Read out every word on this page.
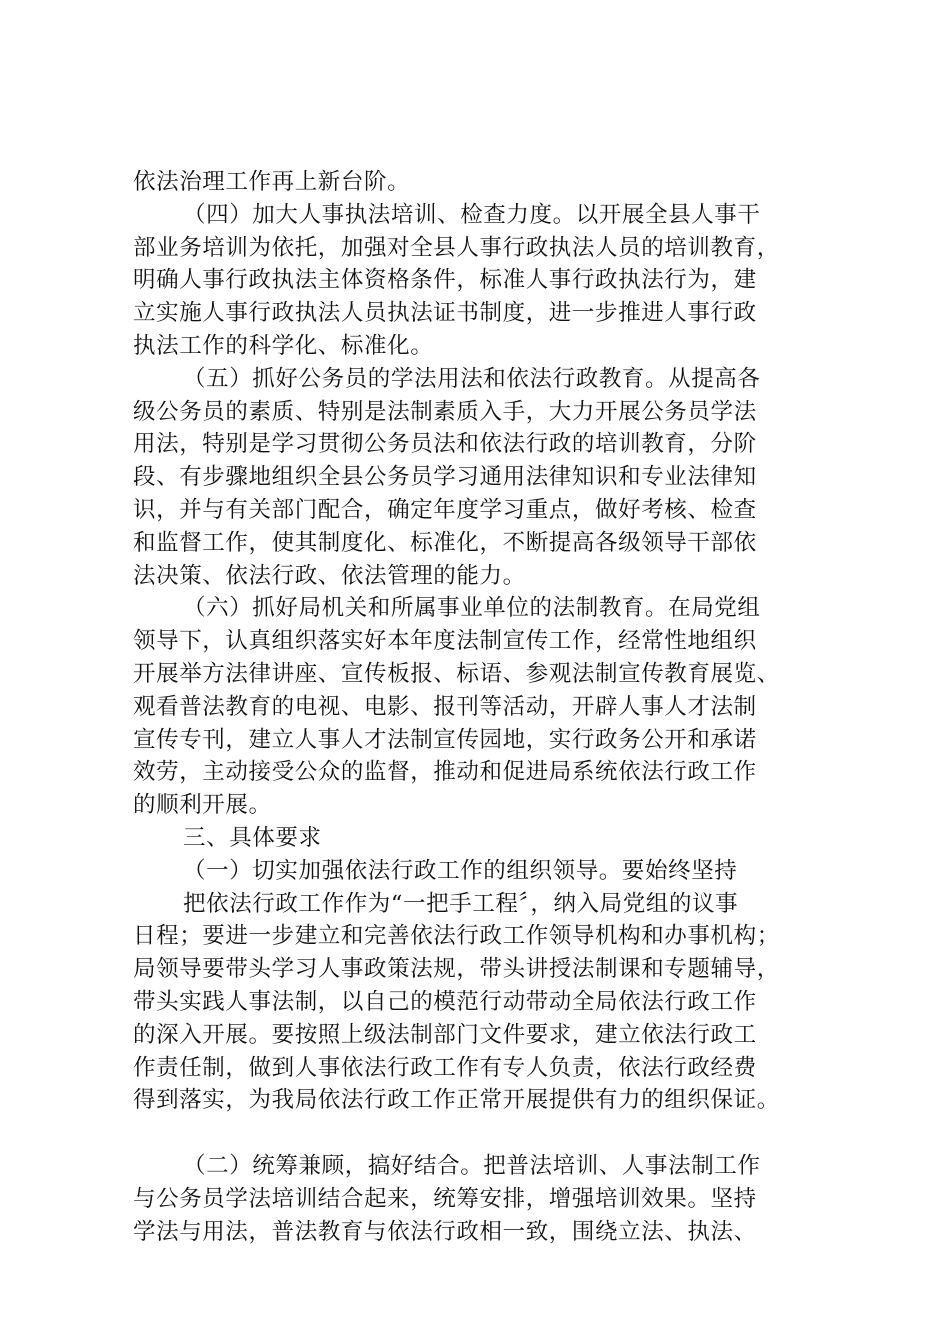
依法治理工作再上新台阶。
（四）加大人事执法培训、检查力度。以开展全县人事干
部业务培训为依托，加强对全县人事行政执法人员的培训教育，
明确人事行政执法主体资格条件，标准人事行政执法行为，建
立实施人事行政执法人员执法证书制度，进一步推进人事行政
执法工作的科学化、标准化。
（五）抓好公务员的学法用法和依法行政教育。从提高各
级公务员的素质、特别是法制素质入手，大力开展公务员学法
用法，特别是学习贯彻公务员法和依法行政的培训教育，分阶
段、有步骤地组织全县公务员学习通用法律知识和专业法律知
识，并与有关部门配合，确定年度学习重点，做好考核、检查
和监督工作，使其制度化、标准化，不断提高各级领导干部依
法决策、依法行政、依法管理的能力。
（六）抓好局机关和所属事业单位的法制教育。在局党组
领导下，认真组织落实好本年度法制宣传工作，经常性地组织
开展举方法律讲座、宣传板报、标语、参观法制宣传教育展览、
观看普法教育的电视、电影、报刊等活动，开辟人事人才法制
宣传专刊，建立人事人才法制宣传园地，实行政务公开和承诺
效劳，主动接受公众的监督，推动和促进局系统依法行政工作
的顺利开展。
三、具体要求
（一）切实加强依法行政工作的组织领导。要始终坚持
把依法行政工作作为“一把手工程〞，纳入局党组的议事
日程；要进一步建立和完善依法行政工作领导机构和办事机构；
局领导要带头学习人事政策法规，带头讲授法制课和专题辅导，
带头实践人事法制，以自己的模范行动带动全局依法行政工作
的深入开展。要按照上级法制部门文件要求，建立依法行政工
作责任制，做到人事依法行政工作有专人负责，依法行政经费
得到落实，为我局依法行政工作正常开展提供有力的组织保证。
（二）统筹兼顾，搞好结合。把普法培训、人事法制工作
与公务员学法培训结合起来，统筹安排，增强培训效果。坚持
学法与用法，普法教育与依法行政相一致，围绕立法、执法、
